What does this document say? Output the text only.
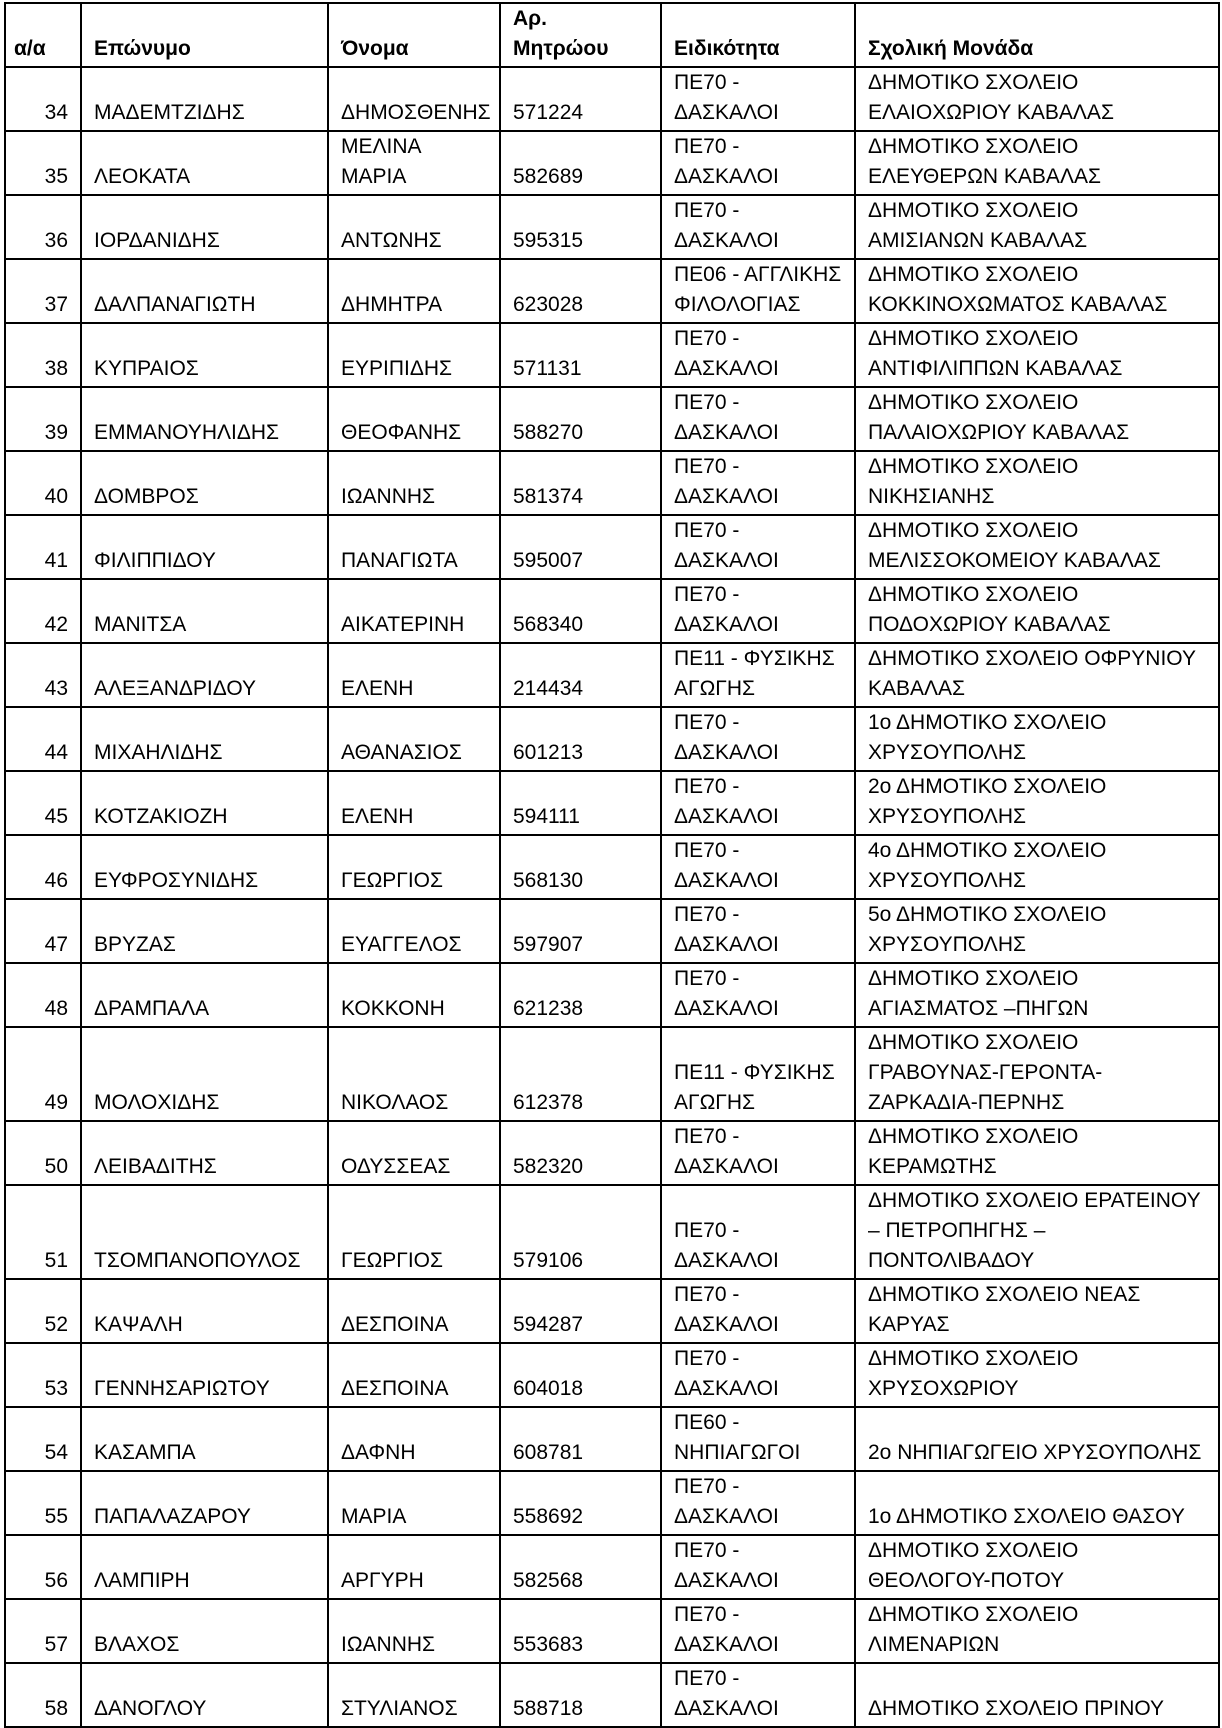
α/α	Επώνυμο	Όνομα	Αρ.
Μητρώου	Ειδικότητα	Σχολική Μονάδα
34	ΜΑΔΕΜΤΖΙΔΗΣ	ΔΗΜΟΣΘΕΝΗΣ	571224	ΠΕ70 -
ΔΑΣΚΑΛΟΙ	ΔΗΜΟΤΙΚΟ ΣΧΟΛΕΙΟ
ΕΛΑΙΟΧΩΡΙΟΥ ΚΑΒΑΛΑΣ
35	ΛΕΟΚΑΤΑ	ΜΕΛΙΝΑ
ΜΑΡΙΑ	582689	ΠΕ70 -
ΔΑΣΚΑΛΟΙ	ΔΗΜΟΤΙΚΟ ΣΧΟΛΕΙΟ
ΕΛΕΥΘΕΡΩΝ ΚΑΒΑΛΑΣ
36	ΙΟΡΔΑΝΙΔΗΣ	ΑΝΤΩΝΗΣ	595315	ΠΕ70 -
ΔΑΣΚΑΛΟΙ	ΔΗΜΟΤΙΚΟ ΣΧΟΛΕΙΟ
ΑΜΙΣΙΑΝΩΝ ΚΑΒΑΛΑΣ
37	ΔΑΛΠΑΝΑΓΙΩΤΗ	ΔΗΜΗΤΡΑ	623028	ΠΕ06 - ΑΓΓΛΙΚΗΣ
ΦΙΛΟΛΟΓΙΑΣ	ΔΗΜΟΤΙΚΟ ΣΧΟΛΕΙΟ
ΚΟΚΚΙΝΟΧΩΜΑΤΟΣ ΚΑΒΑΛΑΣ
38	ΚΥΠΡΑΙΟΣ	ΕΥΡΙΠΙΔΗΣ	571131	ΠΕ70 -
ΔΑΣΚΑΛΟΙ	ΔΗΜΟΤΙΚΟ ΣΧΟΛΕΙΟ
ΑΝΤΙΦΙΛΙΠΠΩΝ ΚΑΒΑΛΑΣ
39	ΕΜΜΑΝΟΥΗΛΙΔΗΣ	ΘΕΟΦΑΝΗΣ	588270	ΠΕ70 -
ΔΑΣΚΑΛΟΙ	ΔΗΜΟΤΙΚΟ ΣΧΟΛΕΙΟ
ΠΑΛΑΙΟΧΩΡΙΟΥ ΚΑΒΑΛΑΣ
40	ΔΟΜΒΡΟΣ	ΙΩΑΝΝΗΣ	581374	ΠΕ70 -
ΔΑΣΚΑΛΟΙ	ΔΗΜΟΤΙΚΟ ΣΧΟΛΕΙΟ
ΝΙΚΗΣΙΑΝΗΣ
41	ΦΙΛΙΠΠΙΔΟΥ	ΠΑΝΑΓΙΩΤΑ	595007	ΠΕ70 -
ΔΑΣΚΑΛΟΙ	ΔΗΜΟΤΙΚΟ ΣΧΟΛΕΙΟ
ΜΕΛΙΣΣΟΚΟΜΕΙΟΥ ΚΑΒΑΛΑΣ
42	ΜΑΝΙΤΣΑ	ΑΙΚΑΤΕΡΙΝΗ	568340	ΠΕ70 -
ΔΑΣΚΑΛΟΙ	ΔΗΜΟΤΙΚΟ ΣΧΟΛΕΙΟ
ΠΟΔΟΧΩΡΙΟΥ ΚΑΒΑΛΑΣ
43	ΑΛΕΞΑΝΔΡΙΔΟΥ	ΕΛΕΝΗ	214434	ΠΕ11 - ΦΥΣΙΚΗΣ
ΑΓΩΓΗΣ	ΔΗΜΟΤΙΚΟ ΣΧΟΛΕΙΟ ΟΦΡΥΝΙΟΥ
ΚΑΒΑΛΑΣ
44	ΜΙΧΑΗΛΙΔΗΣ	ΑΘΑΝΑΣΙΟΣ	601213	ΠΕ70 -
ΔΑΣΚΑΛΟΙ	1ο ΔΗΜΟΤΙΚΟ ΣΧΟΛΕΙΟ
ΧΡΥΣΟΥΠΟΛΗΣ
45	ΚΟΤΖΑΚΙΟΖΗ	ΕΛΕΝΗ	594111	ΠΕ70 -
ΔΑΣΚΑΛΟΙ	2ο ΔΗΜΟΤΙΚΟ ΣΧΟΛΕΙΟ
ΧΡΥΣΟΥΠΟΛΗΣ
46	ΕΥΦΡΟΣΥΝΙΔΗΣ	ΓΕΩΡΓΙΟΣ	568130	ΠΕ70 -
ΔΑΣΚΑΛΟΙ	4ο ΔΗΜΟΤΙΚΟ ΣΧΟΛΕΙΟ
ΧΡΥΣΟΥΠΟΛΗΣ
47	ΒΡΥΖΑΣ	ΕΥΑΓΓΕΛΟΣ	597907	ΠΕ70 -
ΔΑΣΚΑΛΟΙ	5ο ΔΗΜΟΤΙΚΟ ΣΧΟΛΕΙΟ
ΧΡΥΣΟΥΠΟΛΗΣ
48	ΔΡΑΜΠΑΛΑ	ΚΟΚΚΟΝΗ	621238	ΠΕ70 -
ΔΑΣΚΑΛΟΙ	ΔΗΜΟΤΙΚΟ ΣΧΟΛΕΙΟ
ΑΓΙΑΣΜΑΤΟΣ –ΠΗΓΩΝ
49	ΜΟΛΟΧΙΔΗΣ	ΝΙΚΟΛΑΟΣ	612378	ΠΕ11 - ΦΥΣΙΚΗΣ
ΑΓΩΓΗΣ	ΔΗΜΟΤΙΚΟ ΣΧΟΛΕΙΟ
ΓΡΑΒΟΥΝΑΣ-ΓΕΡΟΝΤΑ-
ΖΑΡΚΑΔΙΑ-ΠΕΡΝΗΣ
50	ΛΕΙΒΑΔΙΤΗΣ	ΟΔΥΣΣΕΑΣ	582320	ΠΕ70 -
ΔΑΣΚΑΛΟΙ	ΔΗΜΟΤΙΚΟ ΣΧΟΛΕΙΟ
ΚΕΡΑΜΩΤΗΣ
51	ΤΣΟΜΠΑΝΟΠΟΥΛΟΣ	ΓΕΩΡΓΙΟΣ	579106	ΠΕ70 -
ΔΑΣΚΑΛΟΙ	ΔΗΜΟΤΙΚΟ ΣΧΟΛΕΙΟ ΕΡΑΤΕΙΝΟΥ
– ΠΕΤΡΟΠΗΓΗΣ –
ΠΟΝΤΟΛΙΒΑΔΟΥ
52	ΚΑΨΑΛΗ	ΔΕΣΠΟΙΝΑ	594287	ΠΕ70 -
ΔΑΣΚΑΛΟΙ	ΔΗΜΟΤΙΚΟ ΣΧΟΛΕΙΟ ΝΕΑΣ
ΚΑΡΥΑΣ
53	ΓΕΝΝΗΣΑΡΙΩΤΟΥ	ΔΕΣΠΟΙΝΑ	604018	ΠΕ70 -
ΔΑΣΚΑΛΟΙ	ΔΗΜΟΤΙΚΟ ΣΧΟΛΕΙΟ
ΧΡΥΣΟΧΩΡΙΟΥ
54	ΚΑΣΑΜΠΑ	ΔΑΦΝΗ	608781	ΠΕ60 -
ΝΗΠΙΑΓΩΓΟΙ	2ο ΝΗΠΙΑΓΩΓΕΙΟ ΧΡΥΣΟΥΠΟΛΗΣ
55	ΠΑΠΑΛΑΖΑΡΟΥ	ΜΑΡΙΑ	558692	ΠΕ70 -
ΔΑΣΚΑΛΟΙ	1ο ΔΗΜΟΤΙΚΟ ΣΧΟΛΕΙΟ ΘΑΣΟΥ
56	ΛΑΜΠΙΡΗ	ΑΡΓΥΡΗ	582568	ΠΕ70 -
ΔΑΣΚΑΛΟΙ	ΔΗΜΟΤΙΚΟ ΣΧΟΛΕΙΟ
ΘΕΟΛΟΓΟΥ-ΠΟΤΟΥ
57	ΒΛΑΧΟΣ	ΙΩΑΝΝΗΣ	553683	ΠΕ70 -
ΔΑΣΚΑΛΟΙ	ΔΗΜΟΤΙΚΟ ΣΧΟΛΕΙΟ
ΛΙΜΕΝΑΡΙΩΝ
58	ΔΑΝΟΓΛΟΥ	ΣΤΥΛΙΑΝΟΣ	588718	ΠΕ70 -
ΔΑΣΚΑΛΟΙ	ΔΗΜΟΤΙΚΟ ΣΧΟΛΕΙΟ ΠΡΙΝΟΥ
